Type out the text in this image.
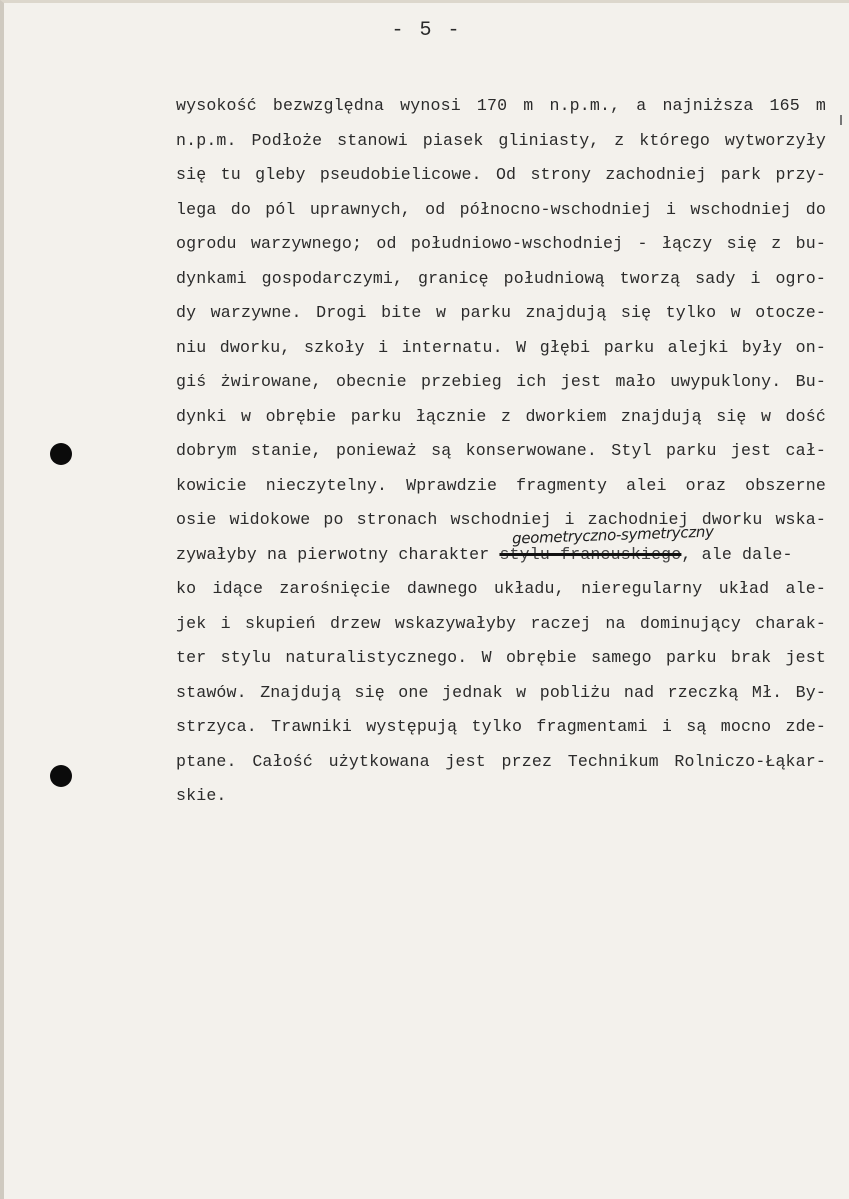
- 5 -
geometryczno-symetryczny
wysokość bezwzględna wynosi 170 m n.p.m., a najniższa 165 m
n.p.m. Podłoże stanowi piasek gliniasty, z którego wytworzyły
się tu gleby pseudobielicowe. Od strony zachodniej park przy-
lega do pól uprawnych, od północno-wschodniej i wschodniej do
ogrodu warzywnego; od południowo-wschodniej - łączy się z bu-
dynkami gospodarczymi, granicę południową tworzą sady i ogro-
dy warzywne. Drogi bite w parku znajdują się tylko w otocze-
niu dworku, szkoły i internatu. W głębi parku alejki były on-
giś żwirowane, obecnie przebieg ich jest mało uwypuklony. Bu-
dynki w obrębie parku łącznie z dworkiem znajdują się w dość
dobrym stanie, ponieważ są konserwowane. Styl parku jest cał-
kowicie nieczytelny. Wprawdzie fragmenty alei oraz obszerne
osie widokowe po stronach wschodniej i zachodniej dworku wska-
zywałyby na pierwotny charakter stylu francuskiego, ale dale-
ko idące zarośnięcie dawnego układu, nieregularny układ ale-
jek i skupień drzew wskazywałyby raczej na dominujący charak-
ter stylu naturalistycznego. W obrębie samego parku brak jest
stawów. Znajdują się one jednak w pobliżu nad rzeczką Mł. By-
strzyca. Trawniki występują tylko fragmentami i są mocno zde-
ptane. Całość użytkowana jest przez Technikum Rolniczo-Łąkar-
skie.
